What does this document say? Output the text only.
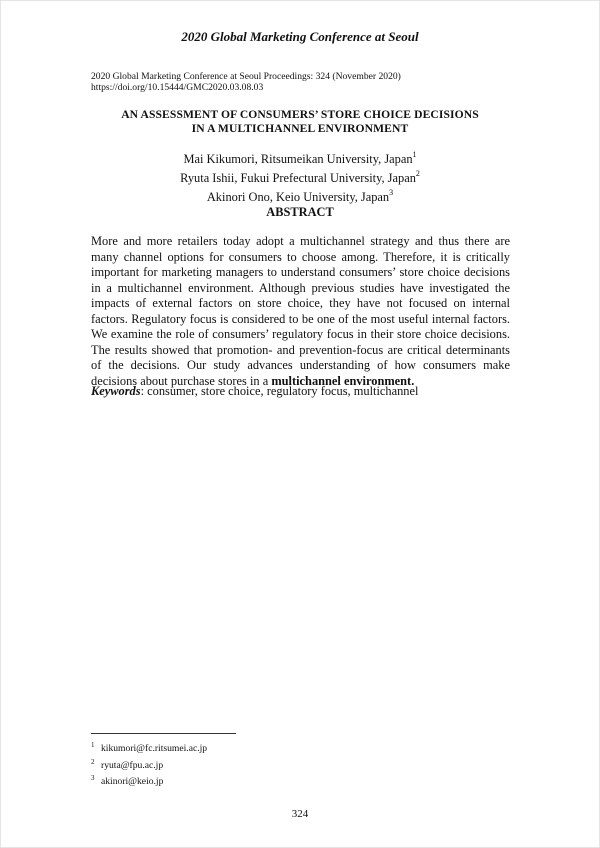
2020 Global Marketing Conference at Seoul
2020 Global Marketing Conference at Seoul Proceedings: 324 (November 2020)
https://doi.org/10.15444/GMC2020.03.08.03
AN ASSESSMENT OF CONSUMERS’ STORE CHOICE DECISIONS
IN A MULTICHANNEL ENVIRONMENT
Mai Kikumori, Ritsumeikan University, Japan$^1$
Ryuta Ishii, Fukui Prefectural University, Japan$^2$
Akinori Ono, Keio University, Japan$^3$
ABSTRACT
More and more retailers today adopt a multichannel strategy and thus there are many channel options for consumers to choose among. Therefore, it is critically important for marketing managers to understand consumers’ store choice decisions in a multichannel environment. Although previous studies have investigated the impacts of external factors on store choice, they have not focused on internal factors. Regulatory focus is considered to be one of the most useful internal factors. We examine the role of consumers’ regulatory focus in their store choice decisions. The results showed that promotion- and prevention-focus are critical determinants of the decisions. Our study advances understanding of how consumers make decisions about purchase stores in a multichannel environment.
Keywords: consumer, store choice, regulatory focus, multichannel
$^1$ kikumori@fc.ritsumei.ac.jp
$^2$ ryuta@fpu.ac.jp
$^3$ akinori@keio.jp
324
